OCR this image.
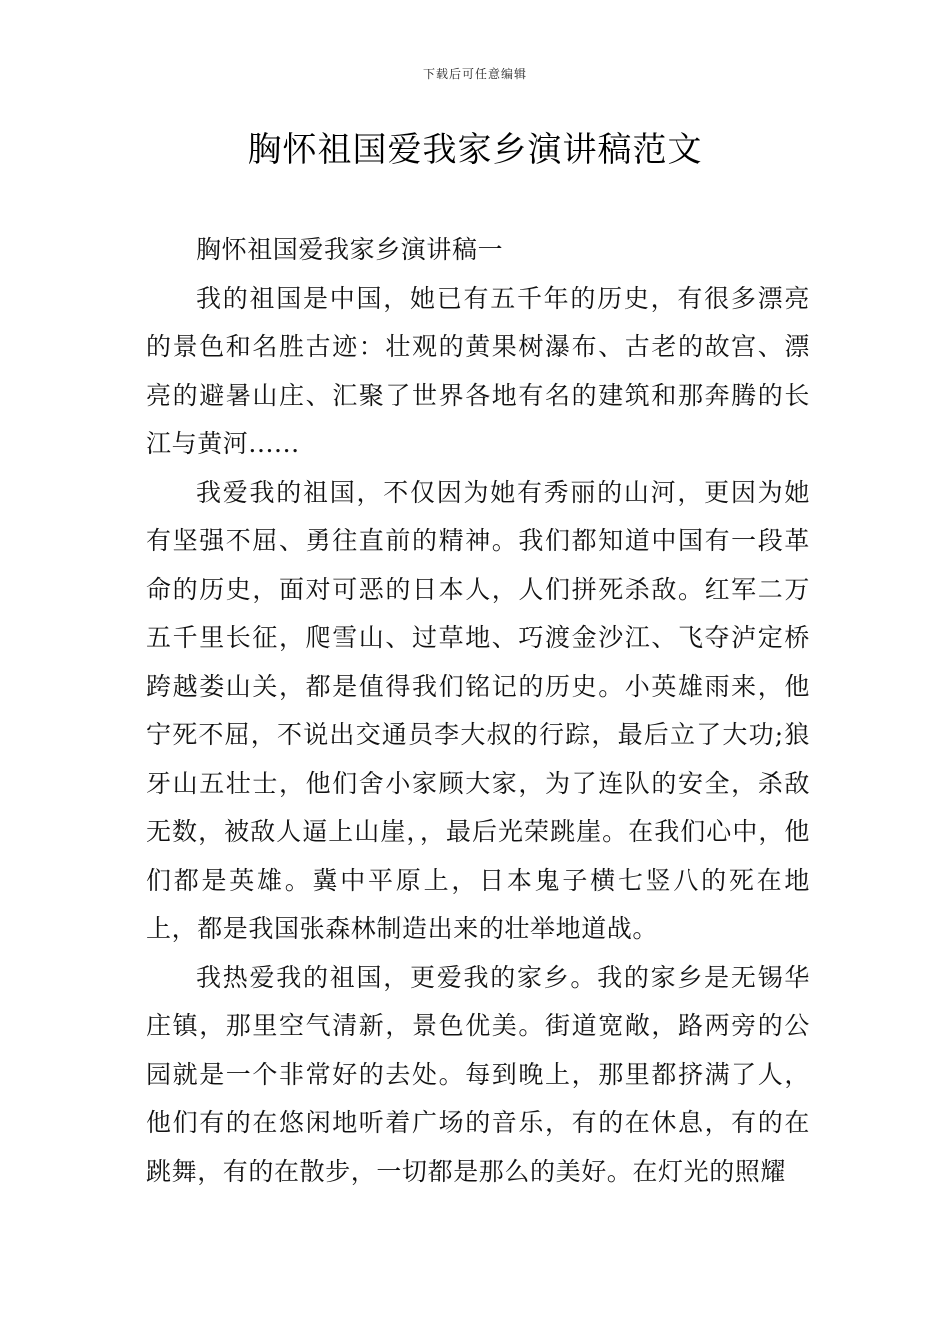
下载后可任意编辑
胸怀祖国爱我家乡演讲稿范文

胸怀祖国爱我家乡演讲稿一

我的祖国是中国，她已有五千年的历史，有很多漂亮的景色和名胜古迹：壮观的黄果树瀑布、古老的故宫、漂亮的避暑山庄、汇聚了世界各地有名的建筑和那奔腾的长江与黄河......

我爱我的祖国，不仅因为她有秀丽的山河，更因为她有坚强不屈、勇往直前的精神。我们都知道中国有一段革命的历史，面对可恶的日本人，人们拼死杀敌。红军二万五千里长征，爬雪山、过草地、巧渡金沙江、飞夺泸定桥跨越娄山关，都是值得我们铭记的历史。小英雄雨来，他宁死不屈，不说出交通员李大叔的行踪，最后立了大功;狼牙山五壮士，他们舍小家顾大家，为了连队的安全，杀敌无数，被敌人逼上山崖，，最后光荣跳崖。在我们心中，他们都是英雄。冀中平原上，日本鬼子横七竖八的死在地上，都是我国张森林制造出来的壮举地道战。

我热爱我的祖国，更爱我的家乡。我的家乡是无锡华庄镇，那里空气清新，景色优美。街道宽敞，路两旁的公园就是一个非常好的去处。每到晚上，那里都挤满了人，他们有的在悠闲地听着广场的音乐，有的在休息，有的在跳舞，有的在散步，一切都是那么的美好。在灯光的照耀
